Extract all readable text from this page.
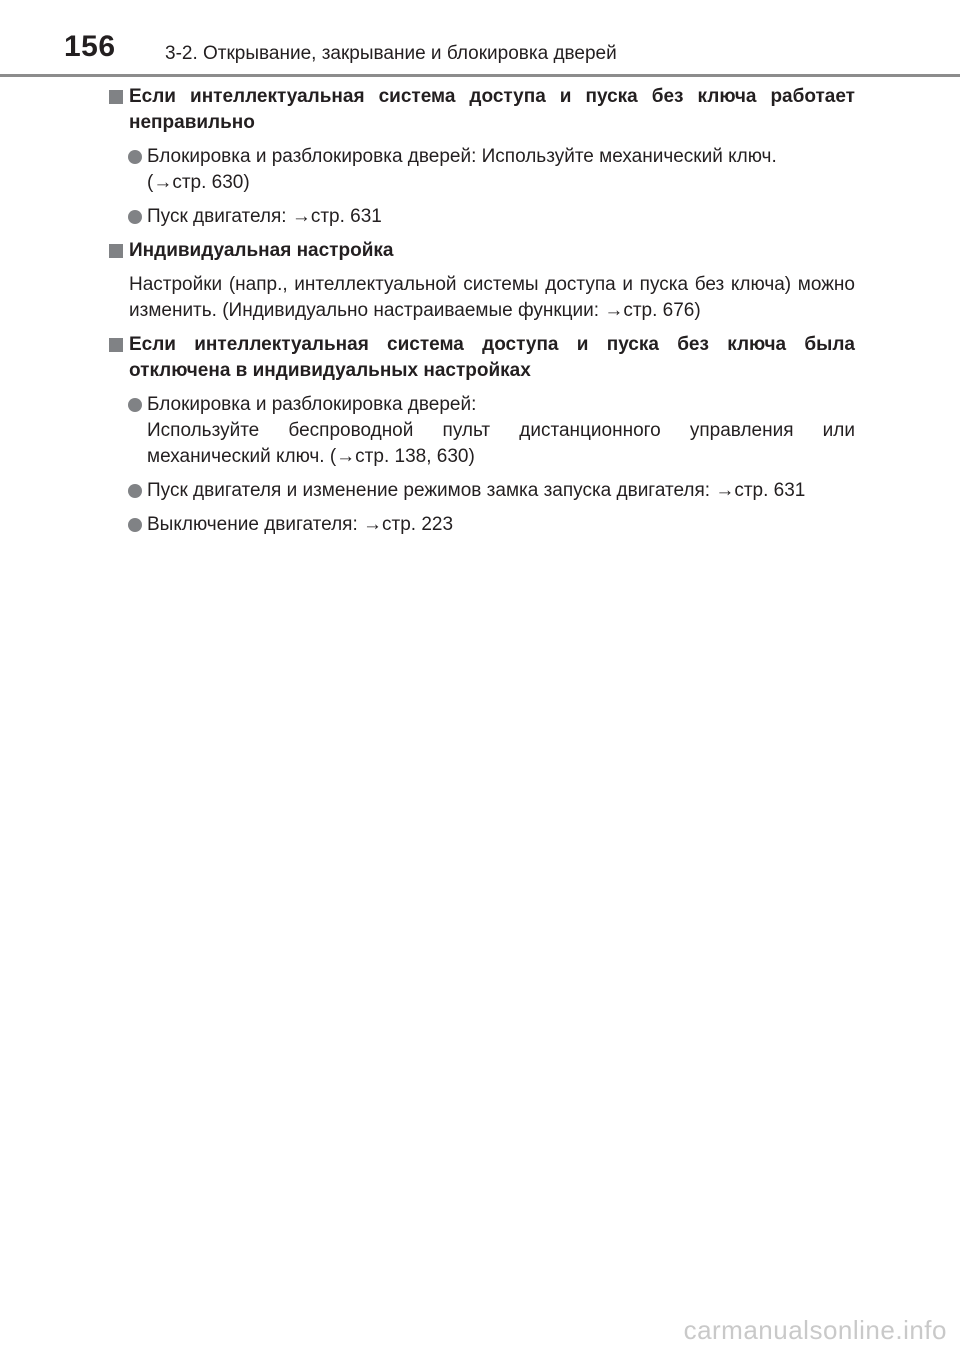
156	3-2. Открывание, закрывание и блокировка дверей
Если интеллектуальная система доступа и пуска без ключа работает неправильно
Блокировка и разблокировка дверей: Используйте механический ключ.
(→стр. 630)
Пуск двигателя: →стр. 631
Индивидуальная настройка
Настройки (напр., интеллектуальной системы доступа и пуска без ключа) можно изменить. (Индивидуально настраиваемые функции: →стр. 676)
Если интеллектуальная система доступа и пуска без ключа была отключена в индивидуальных настройках
Блокировка и разблокировка дверей:
Используйте беспроводной пульт дистанционного управления или
механический ключ. (→стр. 138, 630)
Пуск двигателя и изменение режимов замка запуска двигателя: →стр. 631
Выключение двигателя: →стр. 223
carmanualsonline.info
